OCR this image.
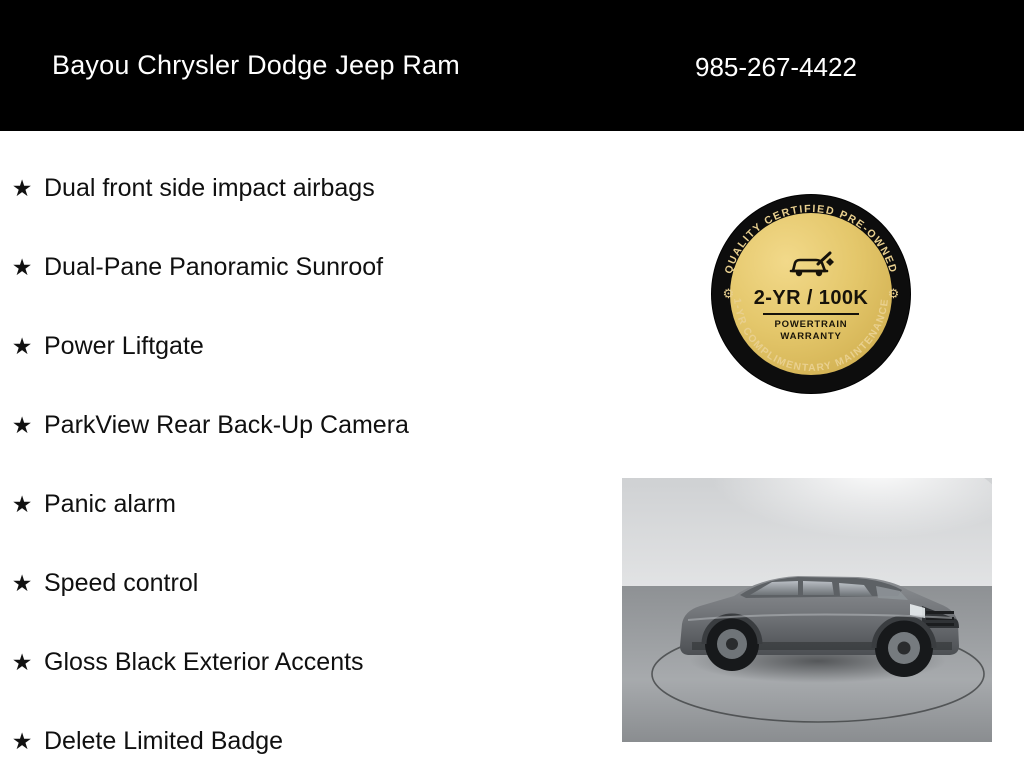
Bayou Chrysler Dodge Jeep Ram	985-267-4422
★ Dual front side impact airbags
★ Dual-Pane Panoramic Sunroof
★ Power Liftgate
★ ParkView Rear Back-Up Camera
★ Panic alarm
★ Speed control
★ Gloss Black Exterior Accents
★ Delete Limited Badge
QUALITY CERTIFIED PRE-OWNED
1-YR COMPLIMENTARY MAINTENANCE
⚙	⚙
2-YR / 100K
POWERTRAIN
WARRANTY
